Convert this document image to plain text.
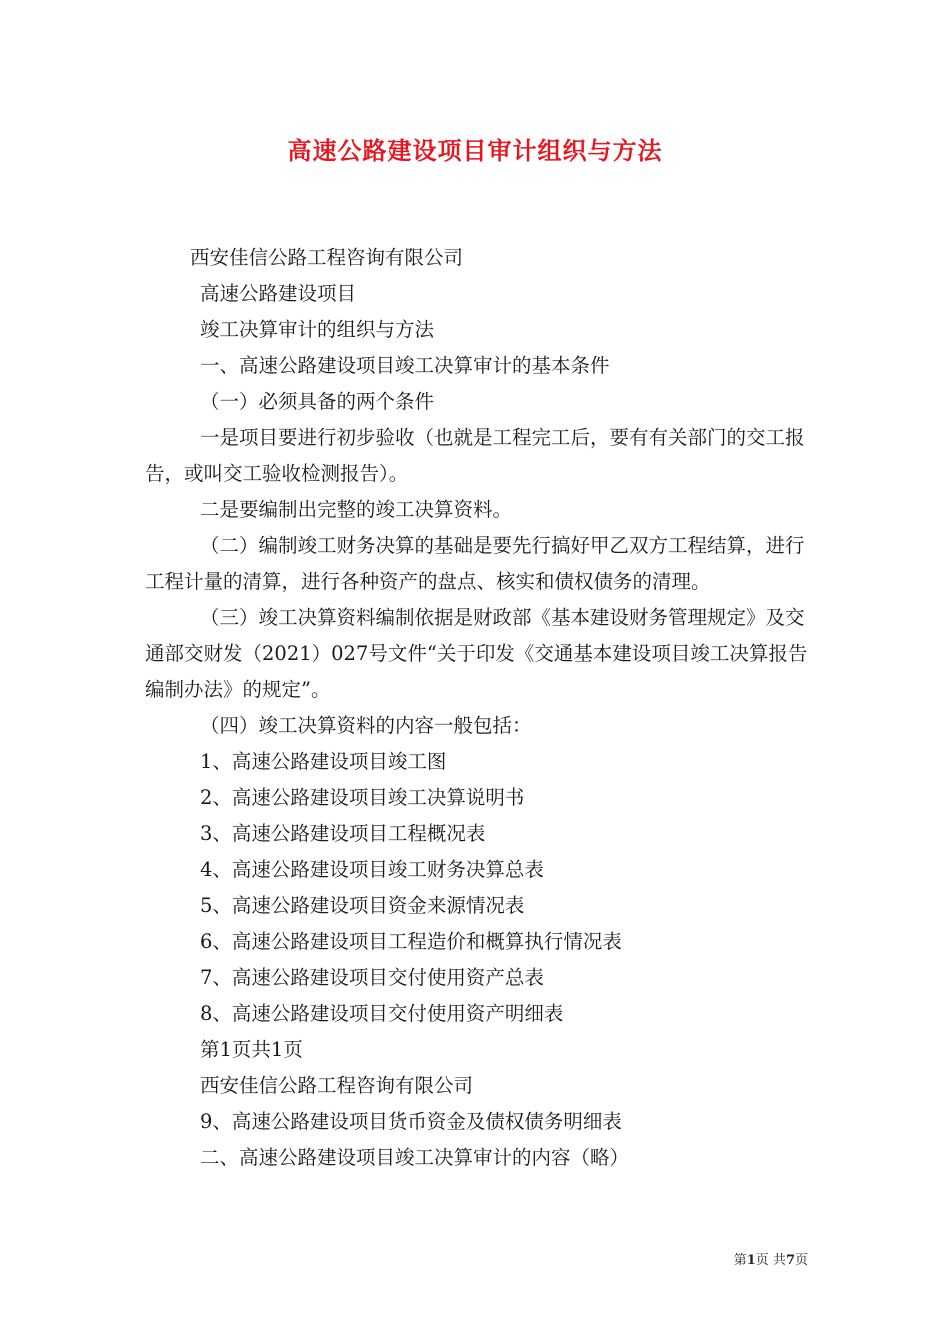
高速公路建设项目审计组织与方法

西安佳信公路工程咨询有限公司

高速公路建设项目

竣工决算审计的组织与方法

一、高速公路建设项目竣工决算审计的基本条件

（一）必须具备的两个条件

一是项目要进行初步验收（也就是工程完工后，要有有关部门的交工报告，或叫交工验收检测报告）。

二是要编制出完整的竣工决算资料。

（二）编制竣工财务决算的基础是要先行搞好甲乙双方工程结算，进行工程计量的清算，进行各种资产的盘点、核实和债权债务的清理。

（三）竣工决算资料编制依据是财政部《基本建设财务管理规定》及交通部交财发（2021）027号文件“关于印发《交通基本建设项目竣工决算报告编制办法》的规定”。

（四）竣工决算资料的内容一般包括：

1、高速公路建设项目竣工图

2、高速公路建设项目竣工决算说明书

3、高速公路建设项目工程概况表

4、高速公路建设项目竣工财务决算总表

5、高速公路建设项目资金来源情况表

6、高速公路建设项目工程造价和概算执行情况表

7、高速公路建设项目交付使用资产总表

8、高速公路建设项目交付使用资产明细表

第1页共1页

西安佳信公路工程咨询有限公司

9、高速公路建设项目货币资金及债权债务明细表

二、高速公路建设项目竣工决算审计的内容（略）

第1页 共7页
